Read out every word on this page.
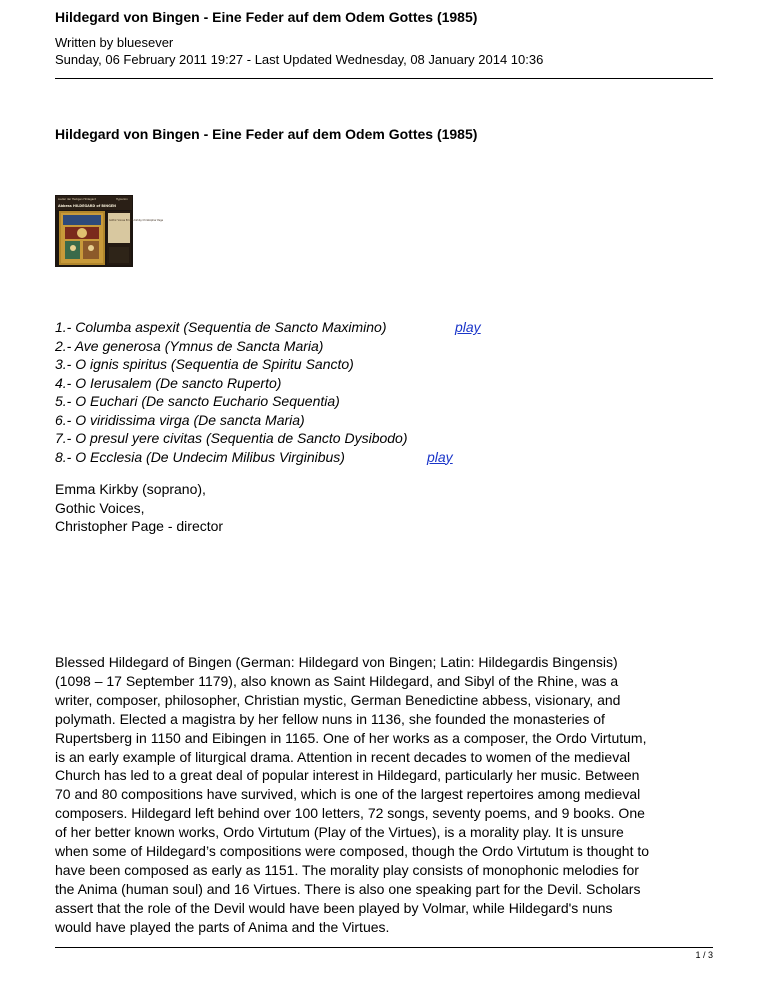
Hildegard von Bingen - Eine Feder auf dem Odem Gottes (1985)
Written by bluesever
Sunday, 06 February 2011 19:27 - Last Updated Wednesday, 08 January 2014 10:36
Hildegard von Bingen - Eine Feder auf dem Odem Gottes (1985)
Lieder der Heiligen Hildegard	Hyperion
Abbess HILDEGARD of BINGEN
Gothic Voices Emma Kirkby Christopher Page
1.- Columba aspexit (Sequentia de Sancto Maximino)	play
2.- Ave generosa (Ymnus de Sancta Maria)
3.- O ignis spiritus (Sequentia de Spiritu Sancto)
4.- O Ierusalem (De sancto Ruperto)
5.- O Euchari (De sancto Euchario Sequentia)
6.- O viridissima virga (De sancta Maria)
7.- O presul yere civitas (Sequentia de Sancto Dysibodo)
8.- O Ecclesia (De Undecim Milibus Virginibus)	play
Emma Kirkby (soprano),
Gothic Voices,
Christopher Page - director
Blessed Hildegard of Bingen (German: Hildegard von Bingen; Latin: Hildegardis Bingensis)
(1098 – 17 September 1179), also known as Saint Hildegard, and Sibyl of the Rhine, was a
writer, composer, philosopher, Christian mystic, German Benedictine abbess, visionary, and
polymath. Elected a magistra by her fellow nuns in 1136, she founded the monasteries of
Rupertsberg in 1150 and Eibingen in 1165. One of her works as a composer, the Ordo Virtutum,
is an early example of liturgical drama. Attention in recent decades to women of the medieval
Church has led to a great deal of popular interest in Hildegard, particularly her music. Between
70 and 80 compositions have survived, which is one of the largest repertoires among medieval
composers. Hildegard left behind over 100 letters, 72 songs, seventy poems, and 9 books. One
of her better known works, Ordo Virtutum (Play of the Virtues), is a morality play. It is unsure
when some of Hildegard’s compositions were composed, though the Ordo Virtutum is thought to
have been composed as early as 1151. The morality play consists of monophonic melodies for
the Anima (human soul) and 16 Virtues. There is also one speaking part for the Devil. Scholars
assert that the role of the Devil would have been played by Volmar, while Hildegard's nuns
would have played the parts of Anima and the Virtues.
1 / 3
